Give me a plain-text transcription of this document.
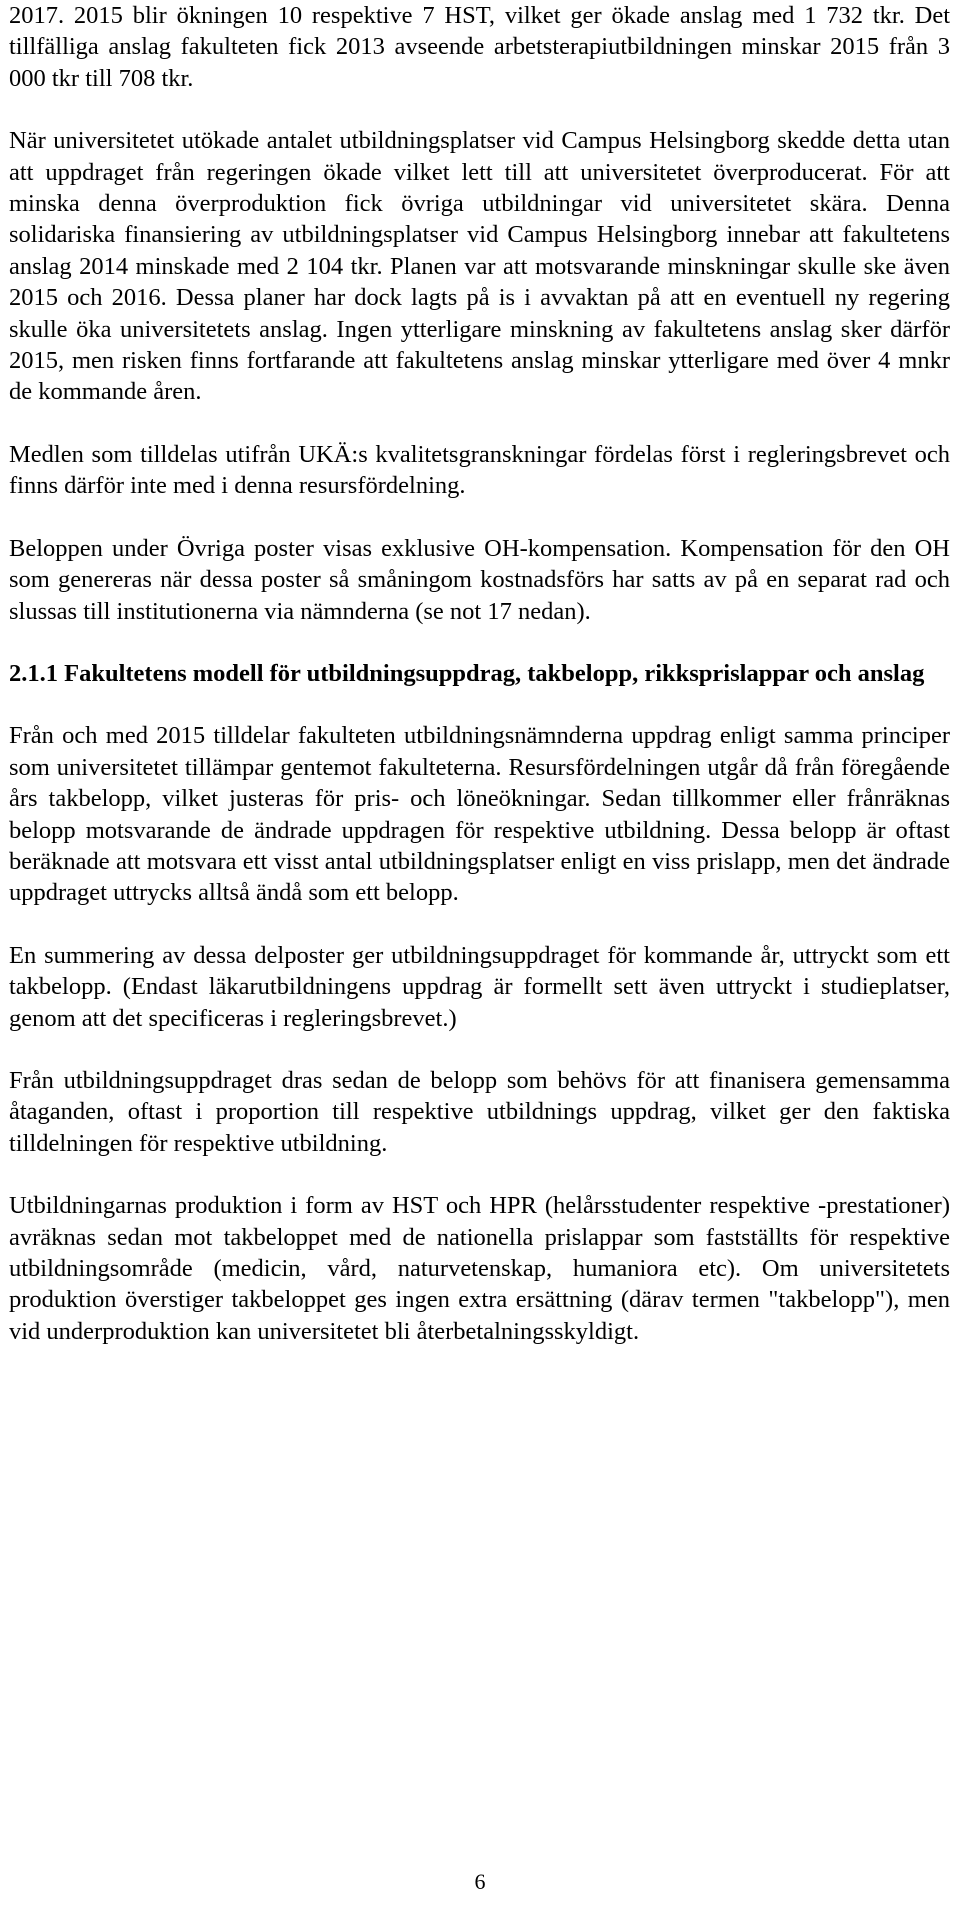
2017. 2015 blir ökningen 10 respektive 7 HST, vilket ger ökade anslag med 1 732 tkr. Det tillfälliga anslag fakulteten fick 2013 avseende arbetsterapiutbildningen minskar 2015 från 3 000 tkr till 708 tkr.

När universitetet utökade antalet utbildningsplatser vid Campus Helsingborg skedde detta utan att uppdraget från regeringen ökade vilket lett till att universitetet överproducerat. För att minska denna överproduktion fick övriga utbildningar vid universitetet skära. Denna solidariska finansiering av utbildningsplatser vid Campus Helsingborg innebar att fakultetens anslag 2014 minskade med 2 104 tkr. Planen var att motsvarande minskningar skulle ske även 2015 och 2016. Dessa planer har dock lagts på is i avvaktan på att en eventuell ny regering skulle öka universitetets anslag. Ingen ytterligare minskning av fakultetens anslag sker därför 2015, men risken finns fortfarande att fakultetens anslag minskar ytterligare med över 4 mnkr de kommande åren.

Medlen som tilldelas utifrån UKÄ:s kvalitetsgranskningar fördelas först i regleringsbrevet och finns därför inte med i denna resursfördelning.

Beloppen under Övriga poster visas exklusive OH-kompensation. Kompensation för den OH som genereras när dessa poster så småningom kostnadsförs har satts av på en separat rad och slussas till institutionerna via nämnderna (se not 17 nedan).

2.1.1 Fakultetens modell för utbildningsuppdrag, takbelopp, rikksprislappar och anslag

Från och med 2015 tilldelar fakulteten utbildningsnämnderna uppdrag enligt samma principer som universitetet tillämpar gentemot fakulteterna. Resursfördelningen utgår då från föregående års takbelopp, vilket justeras för pris- och löneökningar. Sedan tillkommer eller frånräknas belopp motsvarande de ändrade uppdragen för respektive utbildning. Dessa belopp är oftast beräknade att motsvara ett visst antal utbildningsplatser enligt en viss prislapp, men det ändrade uppdraget uttrycks alltså ändå som ett belopp.

En summering av dessa delposter ger utbildningsuppdraget för kommande år, uttryckt som ett takbelopp. (Endast läkarutbildningens uppdrag är formellt sett även uttryckt i studieplatser, genom att det specificeras i regleringsbrevet.)

Från utbildningsuppdraget dras sedan de belopp som behövs för att finanisera gemensamma åtaganden, oftast i proportion till respektive utbildnings uppdrag, vilket ger den faktiska tilldelningen för respektive utbildning.

Utbildningarnas produktion i form av HST och HPR (helårsstudenter respektive -prestationer) avräknas sedan mot takbeloppet med de nationella prislappar som fastställts för respektive utbildningsområde (medicin, vård, naturvetenskap, humaniora etc). Om universitetets produktion överstiger takbeloppet ges ingen extra ersättning (därav termen "takbelopp"), men vid underproduktion kan universitetet bli återbetalningsskyldigt.

6
